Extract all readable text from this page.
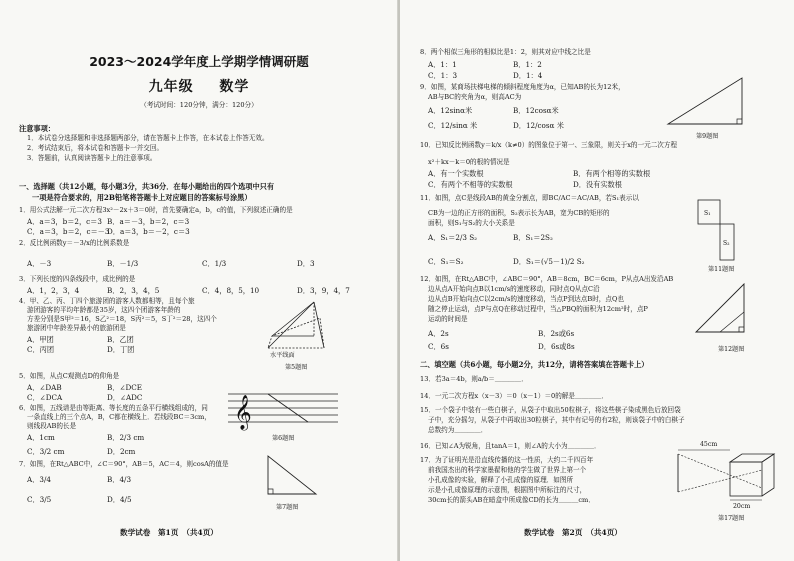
2023～2024学年度上学期学情调研题
九年级 数学
（考试时间：120分钟，满分：120分）
注意事项：
1．本试卷分选择题和非选择题两部分，请在答题卡上作答，在本试卷上作答无效。
2．考试结束后，将本试卷和答题卡一并交回。
3．答题前，认真阅读答题卡上的注意事项。
一、选择题（共12小题，每小题3分，共36分．在每小题给出的四个选项中只有
一项是符合要求的，用2B铅笔将答题卡上对应题目的答案标号涂黑）
1．用公式法解一元二次方程3x²－2x＋3＝0时，首先要确定a，b，c的值，下列叙述正确的是
A．a＝3，b＝2，c＝3 B．a＝－3，b＝2，c＝3
C．a＝3，b＝2，c＝－3
D．a＝3，b＝－2，c＝3
2．反比例函数y＝－3/x的比例系数是
A．－3	B．－1/3	C．1/3	D．3
3．下列长度的四条线段中，成比例的是
A．1，2，3，4	B．2，3，4，5	C．4，8，5，10	D．3，9，4，7
4．甲、乙、丙、丁四个旅游团的游客人数都相等，且每个旅
游团游客的平均年龄都是35岁，这四个团游客年龄的
方差分别是S甲²＝16，S乙²＝18，S丙²＝5，S丁²＝28，这四个
旅游团中年龄差异最小的旅游团是
A．甲团	B．乙团
C．丙团	D．丁团
水平线面
第5题图
5．如图，从点C观测点D的仰角是
A．∠DAB	B．∠DCE
C．∠DCA	D．∠ADC
6．如图，五线谱是由等距离、等长度的五条平行横线组成的，同
一条直线上的三个点A，B，C都在横线上．若线段BC＝3cm，
则线段AB的长是
A．1cm	B．2/3 cm
C．3/2 cm	D．2cm
𝄞
第6题图
7．如图，在Rt△ABC中，∠C＝90°，AB＝5，AC＝4，则cosA的值是
A．3/4	B．4/3
C．3/5	D．4/5
第7题图
数学试卷　第1页　（共4页）
8．两个相似三角形的相似比是1：2，则其对应中线之比是
A．1：1	B．1：2
C．1：3	D．1：4
9．如图，某商场扶梯电梯的倾斜程度角度为α，已知AB的长为12米，
AB与BC的夹角为α，则高AC为
A．12sinα米	B．12cosα米
C．12/sinα 米	D．12/cosα 米
第9题图
10．已知反比例函数y＝k/x（k≠0）的图象位于第一、三象限，则关于x的一元二次方程
x²＋kx－k＝0的根的情况是
A．有一个实数根	B．有两个相等的实数根
C．有两个不相等的实数根	D．没有实数根
11．如图，点C是线段AB的黄金分割点，即BC/AC＝AC/AB，若S₁表示以
CB为一边的正方形的面积，S₂表示长为AB，宽为CB的矩形的
面积，则S₁与S₂的大小关系是
A．S₁＝2/3 S₂	B．S₁＝2S₂
C．S₁＝S₂	D．S₁＝(√5－1)/2 S₂
S₁
S₂
第11题图
12．如图，在Rt△ABC中，∠ABC＝90°，AB＝8cm，BC＝6cm，P从点A出发沿AB
边从点A开始向点B以1cm/s的速度移动，同时点Q从点C沿
边从点B开始向点C以2cm/s的速度移动，当点P到达点B时，点Q也
随之停止运动，点P与点Q在移动过程中，当△PBQ的面积为12cm²时，点P
运动的时间是
A．2s	B．2s或6s
C．6s	D．6s或8s	第12题图
二、填空题（共6小题，每小题2分，共12分，请将答案填在答题卡上）
13．若3a＝4b，则a/b＝＿＿＿＿．
14．一元二次方程x（x－3）＝0（x－1）＝0的解是＿＿＿＿．
15．一个袋子中装有一些白棋子，从袋子中取出50粒棋子，将这些棋子染成黑色后放回袋
子中，充分摇匀，从袋子中再取出30粒棋子，其中有记号的有2粒，则该袋子中的白棋子
总数约为＿＿＿＿．
16．已知∠A为锐角，且tanA＝1，则∠A的大小为＿＿＿＿．
17．为了证明光是沿直线传播的这一性质，大约二千四百年
前我国杰出的科学家墨翟和他的学生做了世界上第一个
小孔成像的实验，解释了小孔成像的原理．如图所
示是小孔成像原理的示意图，根据图中所标注的尺寸，
30cm长的箭头AB在暗盒中所成像CD的长为＿＿＿cm．
45cm
20cm
第17题图
数学试卷　第2页　（共4页）
